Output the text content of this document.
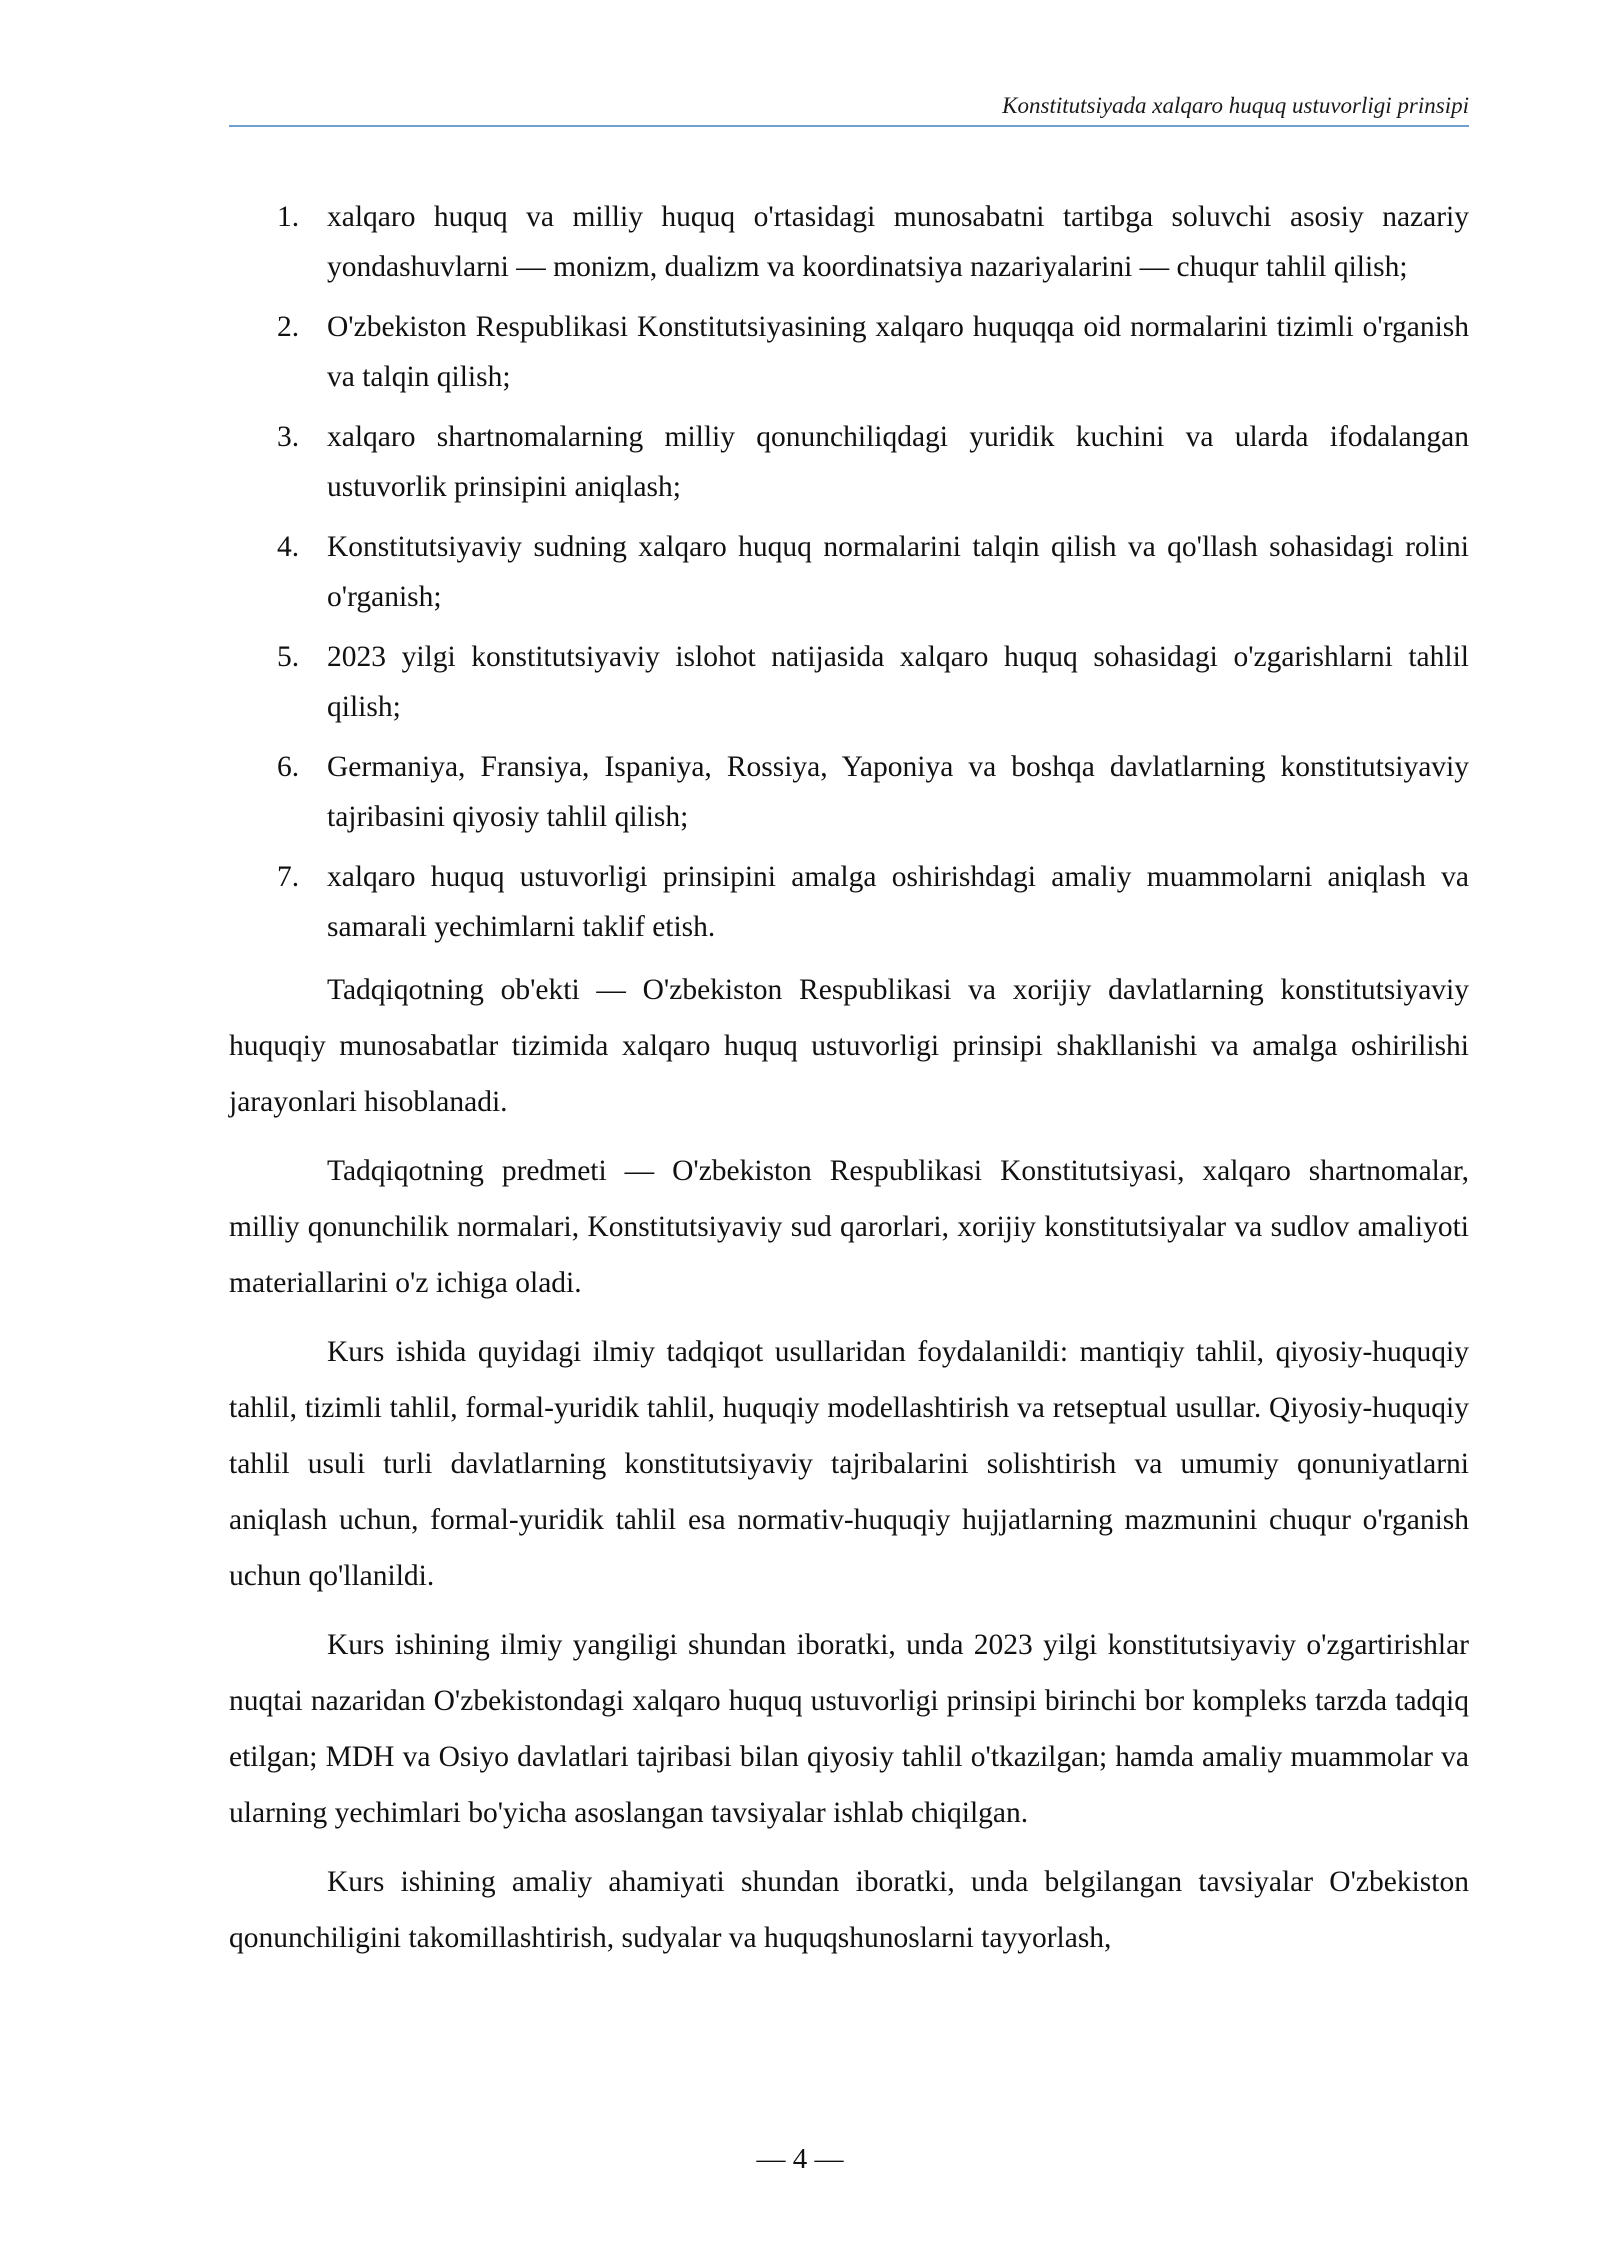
Konstitutsiyada xalqaro huquq ustuvorligi prinsipi
1. xalqaro huquq va milliy huquq o'rtasidagi munosabatni tartibga soluvchi asosiy nazariy yondashuvlarni — monizm, dualizm va koordinatsiya nazariyalarini — chuqur tahlil qilish;
2. O'zbekiston Respublikasi Konstitutsiyasining xalqaro huquqqa oid normalarini tizimli o'rganish va talqin qilish;
3. xalqaro shartnomalarning milliy qonunchiliqdagi yuridik kuchini va ularda ifodalangan ustuvorlik prinsipini aniqlash;
4. Konstitutsiyaviy sudning xalqaro huquq normalarini talqin qilish va qo'llash sohasidagi rolini o'rganish;
5. 2023 yilgi konstitutsiyaviy islohot natijasida xalqaro huquq sohasidagi o'zgarishlarni tahlil qilish;
6. Germaniya, Fransiya, Ispaniya, Rossiya, Yaponiya va boshqa davlatlarning konstitutsiyaviy tajribasini qiyosiy tahlil qilish;
7. xalqaro huquq ustuvorligi prinsipini amalga oshirishdagi amaliy muammolarni aniqlash va samarali yechimlarni taklif etish.

Tadqiqotning ob'ekti — O'zbekiston Respublikasi va xorijiy davlatlarning konstitutsiyaviy huquqiy munosabatlar tizimida xalqaro huquq ustuvorligi prinsipi shakllanishi va amalga oshirilishi jarayonlari hisoblanadi.

Tadqiqotning predmeti — O'zbekiston Respublikasi Konstitutsiyasi, xalqaro shartnomalar, milliy qonunchilik normalari, Konstitutsiyaviy sud qarorlari, xorijiy konstitutsiyalar va sudlov amaliyoti materiallarini o'z ichiga oladi.

Kurs ishida quyidagi ilmiy tadqiqot usullaridan foydalanildi: mantiqiy tahlil, qiyosiy-huquqiy tahlil, tizimli tahlil, formal-yuridik tahlil, huquqiy modellashtirish va retseptual usullar. Qiyosiy-huquqiy tahlil usuli turli davlatlarning konstitutsiyaviy tajribalarini solishtirish va umumiy qonuniyatlarni aniqlash uchun, formal-yuridik tahlil esa normativ-huquqiy hujjatlarning mazmunini chuqur o'rganish uchun qo'llanildi.

Kurs ishining ilmiy yangiligi shundan iboratki, unda 2023 yilgi konstitutsiyaviy o'zgartirishlar nuqtai nazaridan O'zbekistondagi xalqaro huquq ustuvorligi prinsipi birinchi bor kompleks tarzda tadqiq etilgan; MDH va Osiyo davlatlari tajribasi bilan qiyosiy tahlil o'tkazilgan; hamda amaliy muammolar va ularning yechimlari bo'yicha asoslangan tavsiyalar ishlab chiqilgan.

Kurs ishining amaliy ahamiyati shundan iboratki, unda belgilangan tavsiyalar O'zbekiston qonunchiligini takomillashtirish, sudyalar va huquqshunoslarni tayyorlash,

— 4 —
